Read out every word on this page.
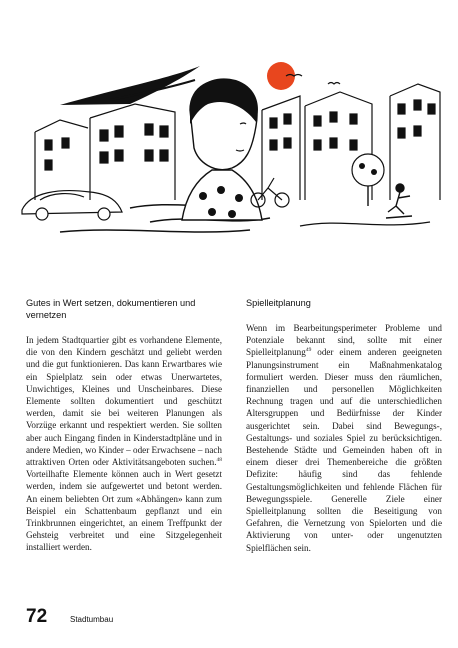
Gutes in Wert setzen, dokumentieren und vernetzen

In jedem Stadtquartier gibt es vorhandene Elemente, die von den Kindern geschätzt und geliebt werden und die gut funktionieren. Das kann Erwartbares wie ein Spielplatz sein oder etwas Unerwartetes, Unwichtiges, Kleines und Unscheinbares. Diese Elemente sollten dokumentiert und geschützt werden, damit sie bei weiteren Planungen als Vorzüge erkannt und respektiert werden. Sie sollten aber auch Eingang finden in Kinderstadtpläne und in andere Medien, wo Kinder – oder Erwachsene – nach attraktiven Orten oder Aktivitätsangeboten suchen.$^{48}$ Vorteilhafte Elemente können auch in Wert gesetzt werden, indem sie aufgewertet und betont werden. An einem beliebten Ort zum «Abhängen» kann zum Beispiel ein Schattenbaum gepflanzt und ein Trinkbrunnen eingerichtet, an einem Treffpunkt der Gehsteig verbreitet und eine Sitzgelegenheit installiert werden.

Spielleitplanung

Wenn im Bearbeitungsperimeter Probleme und Potenziale bekannt sind, sollte mit einer Spielleitplanung$^{49}$ oder einem anderen geeigneten Planungsinstrument ein Maßnahmenkatalog formuliert werden. Dieser muss den räumlichen, finanziellen und personellen Möglichkeiten Rechnung tragen und auf die unterschiedlichen Altersgruppen und Bedürfnisse der Kinder ausgerichtet sein. Dabei sind Bewegungs-, Gestaltungs- und soziales Spiel zu berücksichtigen. Bestehende Städte und Gemeinden haben oft in einem dieser drei Themenbereiche die größten Defizite: häufig sind das fehlende Gestaltungsmöglichkeiten und fehlende Flächen für Bewegungsspiele. Generelle Ziele einer Spielleitplanung sollten die Beseitigung von Gefahren, die Vernetzung von Spielorten und die Aktivierung von unter- oder ungenutzten Spielflächen sein.

72	Stadtumbau
